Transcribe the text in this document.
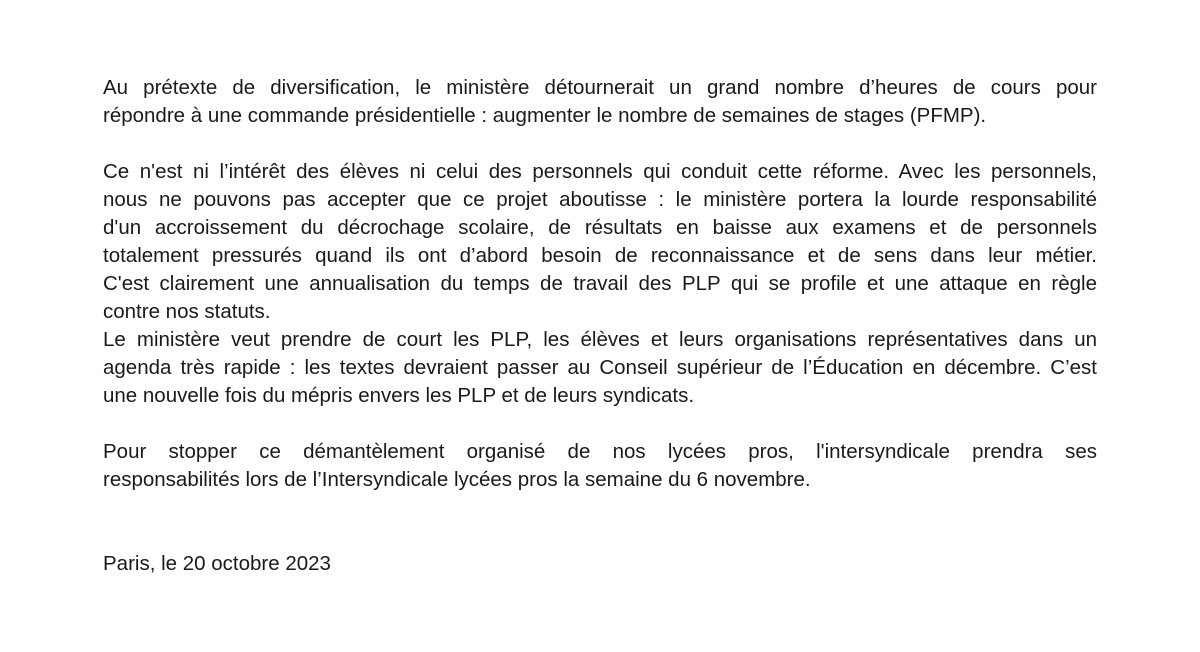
Au prétexte de diversification, le ministère détournerait un grand nombre d’heures de cours pour
répondre à une commande présidentielle : augmenter le nombre de semaines de stages (PFMP).

Ce n'est ni l’intérêt des élèves ni celui des personnels qui conduit cette réforme. Avec les personnels,
nous ne pouvons pas accepter que ce projet aboutisse : le ministère portera la lourde responsabilité
d'un accroissement du décrochage scolaire, de résultats en baisse aux examens et de personnels
totalement pressurés quand ils ont d’abord besoin de reconnaissance et de sens dans leur métier.
C'est clairement une annualisation du temps de travail des PLP qui se profile et une attaque en règle
contre nos statuts.

Le ministère veut prendre de court les PLP, les élèves et leurs organisations représentatives dans un
agenda très rapide : les textes devraient passer au Conseil supérieur de l’Éducation en décembre. C’est
une nouvelle fois du mépris envers les PLP et de leurs syndicats.

Pour stopper ce démantèlement organisé de nos lycées pros, l'intersyndicale prendra ses
responsabilités lors de l’Intersyndicale lycées pros la semaine du 6 novembre.

Paris, le 20 octobre 2023
